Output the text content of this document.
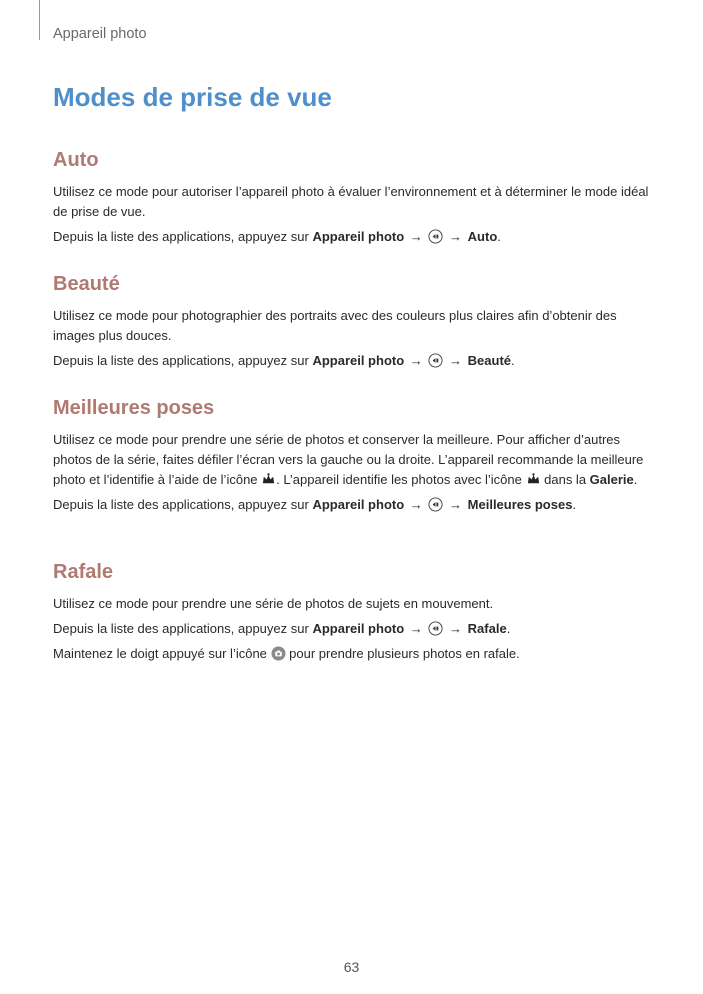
Appareil photo
Modes de prise de vue
Auto

Utilisez ce mode pour autoriser l’appareil photo à évaluer l’environnement et à déterminer le mode idéal de prise de vue.

Depuis la liste des applications, appuyez sur Appareil photo → → Auto.

Beauté

Utilisez ce mode pour photographier des portraits avec des couleurs plus claires afin d’obtenir des images plus douces.

Depuis la liste des applications, appuyez sur Appareil photo → → Beauté.

Meilleures poses

Utilisez ce mode pour prendre une série de photos et conserver la meilleure. Pour afficher d’autres photos de la série, faites défiler l’écran vers la gauche ou la droite. L’appareil recommande la meilleure photo et l’identifie à l’aide de l’icône . L’appareil identifie les photos avec l’icône dans la Galerie.

Depuis la liste des applications, appuyez sur Appareil photo → → Meilleures poses.

Rafale

Utilisez ce mode pour prendre une série de photos de sujets en mouvement.

Depuis la liste des applications, appuyez sur Appareil photo → → Rafale.

Maintenez le doigt appuyé sur l’icône pour prendre plusieurs photos en rafale.

63
